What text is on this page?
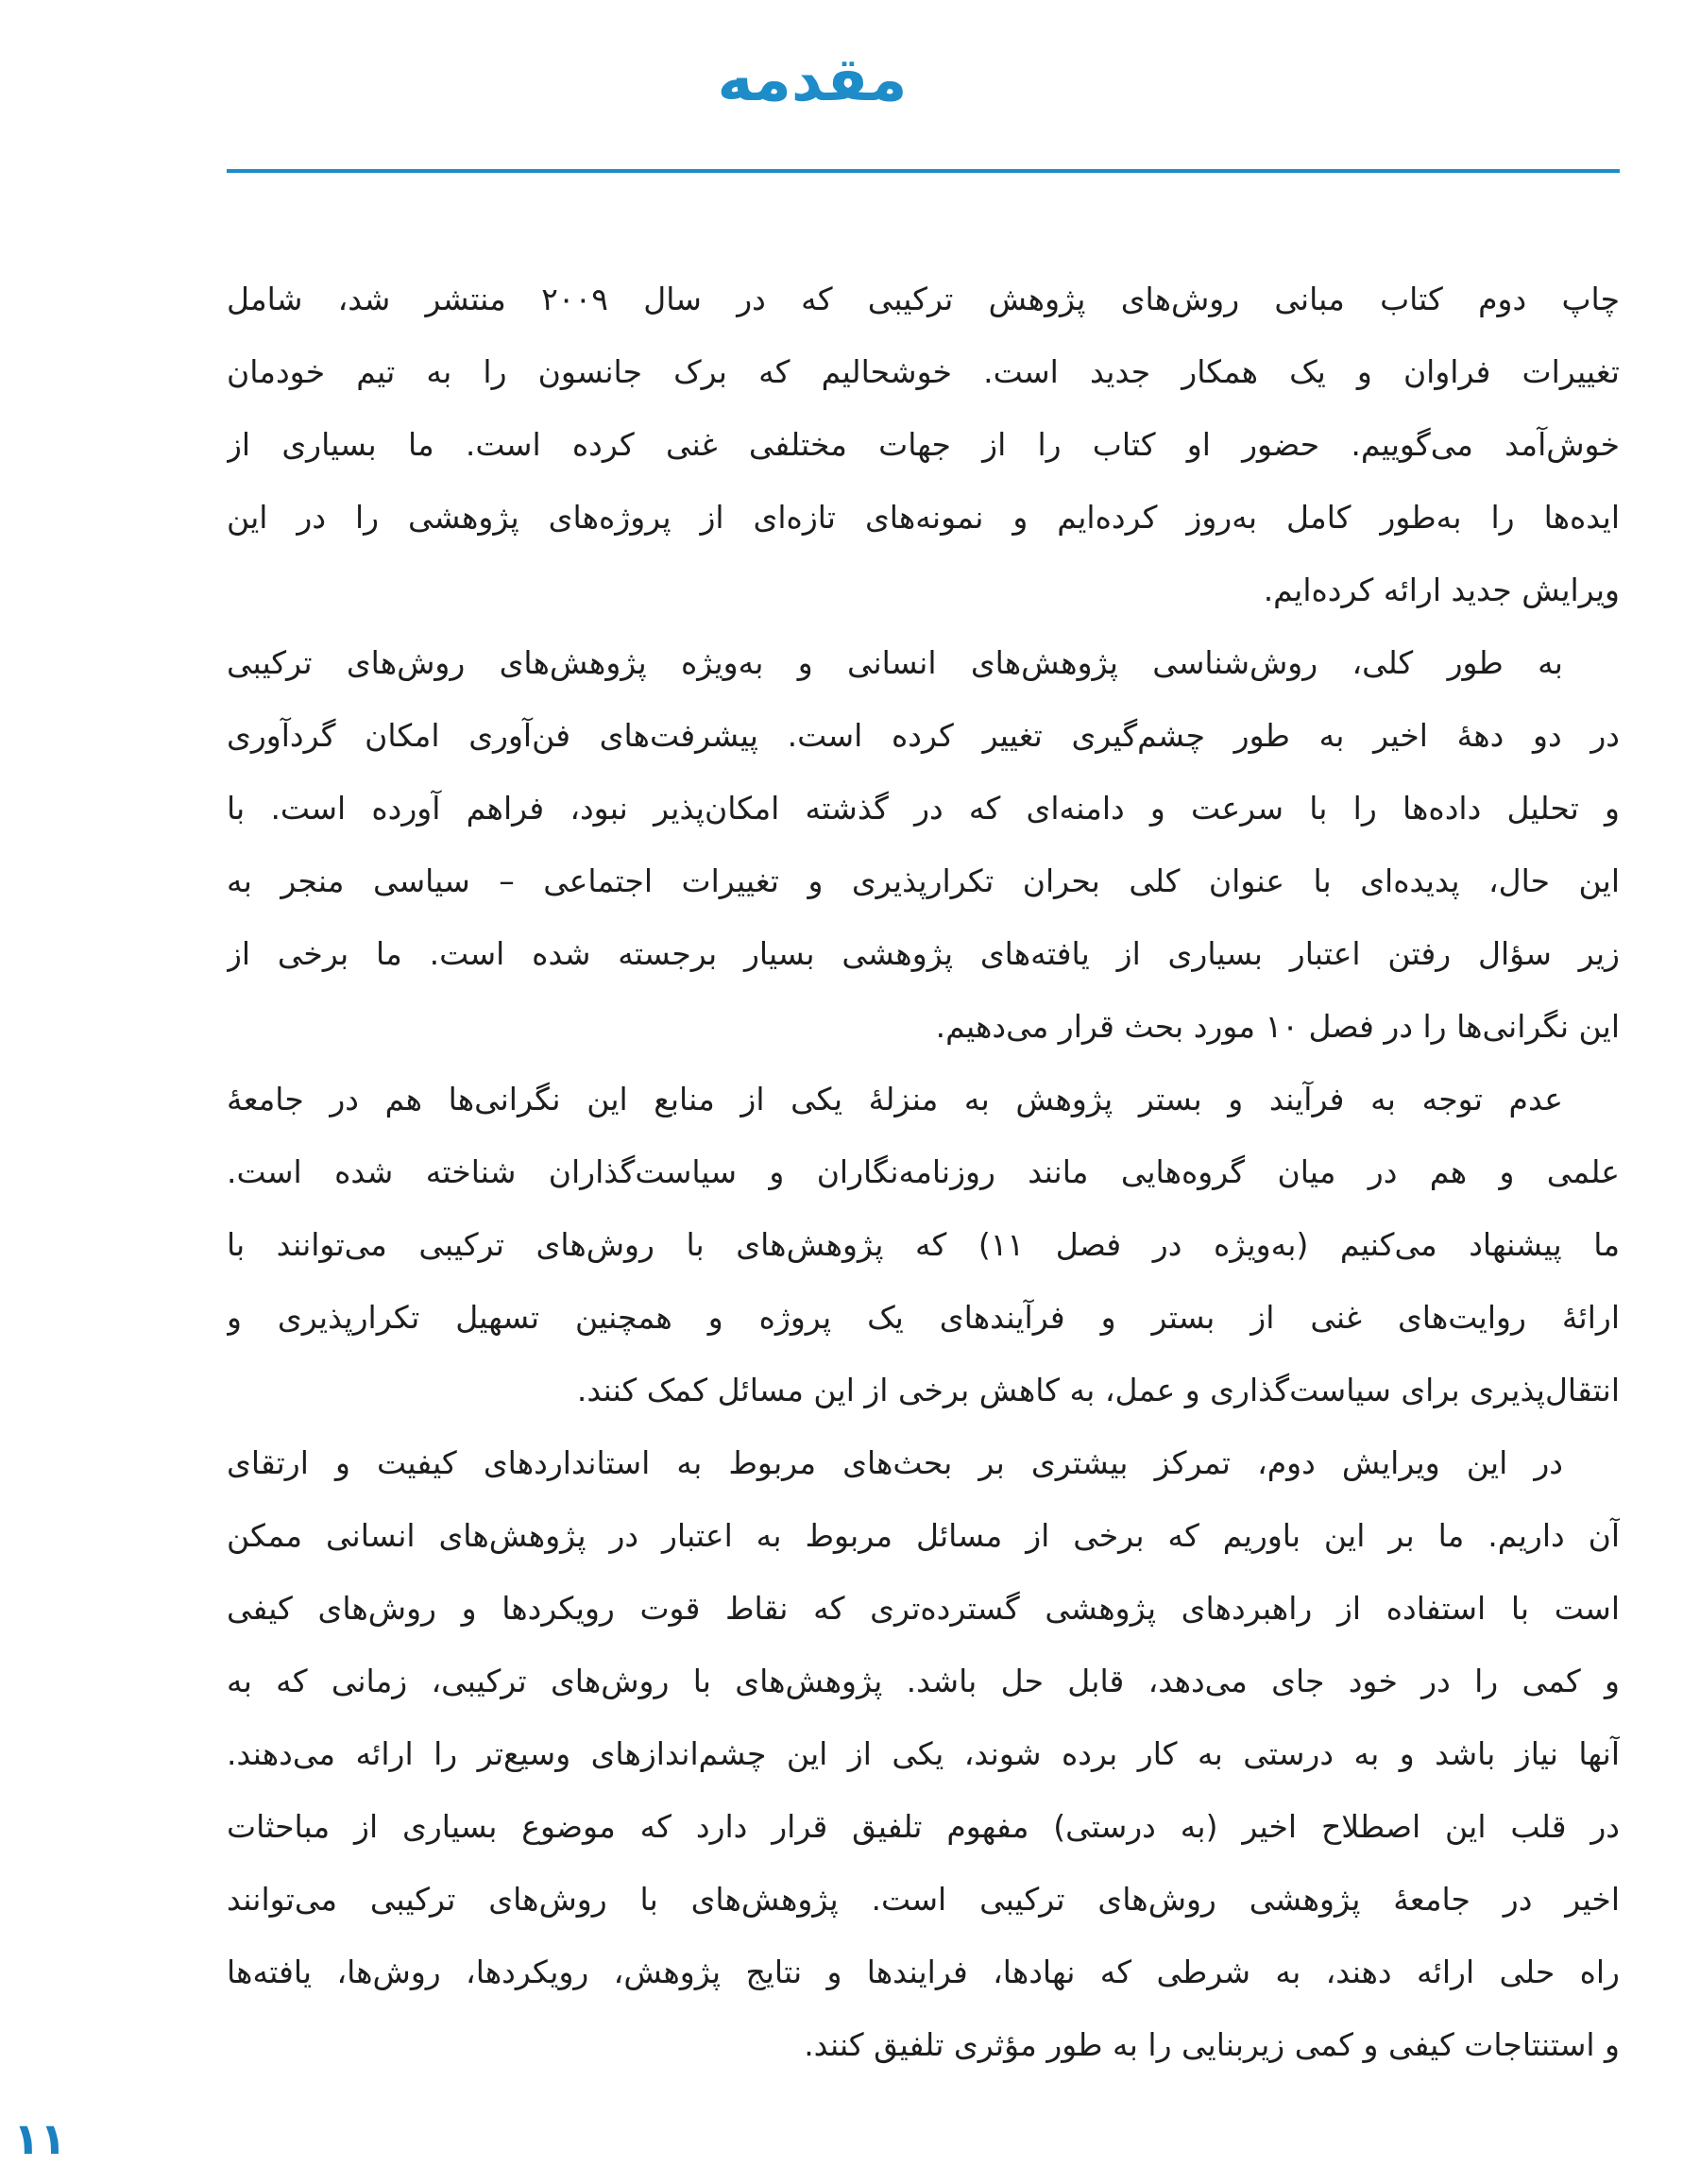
مقدمه
چاپ دوم کتاب مبانی روش‌های پژوهش ترکیبی که در سال ۲۰۰۹ منتشر شد، شامل
تغییرات فراوان و یک همکار جدید است. خوشحالیم که برک جانسون را به تیم خودمان
خوش‌آمد می‌گوییم. حضور او کتاب را از جهات مختلفی غنی کرده است. ما بسیاری از
ایده‌ها را به‌طور کامل به‌روز کرده‌ایم و نمونه‌های تازه‌ای از پروژه‌های پژوهشی را در این
ویرایش جدید ارائه کرده‌ایم.
به طور کلی، روش‌شناسی پژوهش‌های انسانی و به‌ویژه پژوهش‌های روش‌های ترکیبی
در دو دهۀ اخیر به طور چشم‌گیری تغییر کرده است. پیشرفت‌های فن‌آوری امکان گردآوری
و تحلیل داده‌ها را با سرعت و دامنه‌ای که در گذشته امکان‌پذیر نبود، فراهم آورده است. با
این حال، پدیده‌ای با عنوان کلی بحران تکرارپذیری و تغییرات اجتماعی – سیاسی منجر به
زیر سؤال رفتن اعتبار بسیاری از یافته‌های پژوهشی بسیار برجسته شده است. ما برخی از
این نگرانی‌ها را در فصل ۱۰ مورد بحث قرار می‌دهیم.
عدم توجه به فرآیند و بستر پژوهش به منزلۀ یکی از منابع این نگرانی‌ها هم در جامعۀ
علمی و هم در میان گروه‌هایی مانند روزنامه‌نگاران و سیاست‌گذاران شناخته شده است.
ما پیشنهاد می‌کنیم (به‌ویژه در فصل ۱۱) که پژوهش‌های با روش‌های ترکیبی می‌توانند با
ارائۀ روایت‌های غنی از بستر و فرآیندهای یک پروژه و همچنین تسهیل تکرارپذیری و
انتقال‌پذیری برای سیاست‌گذاری و عمل، به کاهش برخی از این مسائل کمک کنند.
در این ویرایش دوم، تمرکز بیشتری بر بحث‌های مربوط به استانداردهای کیفیت و ارتقای
آن داریم. ما بر این باوریم که برخی از مسائل مربوط به اعتبار در پژوهش‌های انسانی ممکن
است با استفاده از راهبردهای پژوهشی گسترده‌تری که نقاط قوت رویکردها و روش‌های کیفی
و کمی را در خود جای می‌دهد، قابل حل باشد. پژوهش‌های با روش‌های ترکیبی، زمانی که به
آنها نیاز باشد و به درستی به کار برده شوند، یکی از این چشم‌اندازهای وسیع‌تر را ارائه می‌دهند.
در قلب این اصطلاح اخیر (به درستی) مفهوم تلفیق قرار دارد که موضوع بسیاری از مباحثات
اخیر در جامعۀ پژوهشی روش‌های ترکیبی است. پژوهش‌های با روش‌های ترکیبی می‌توانند
راه حلی ارائه دهند، به شرطی که نهادها، فرایندها و نتایج پژوهش، رویکردها، روش‌ها، یافته‌ها
و استنتاجات کیفی و کمی زیربنایی را به طور مؤثری تلفیق کنند.
۱۱
